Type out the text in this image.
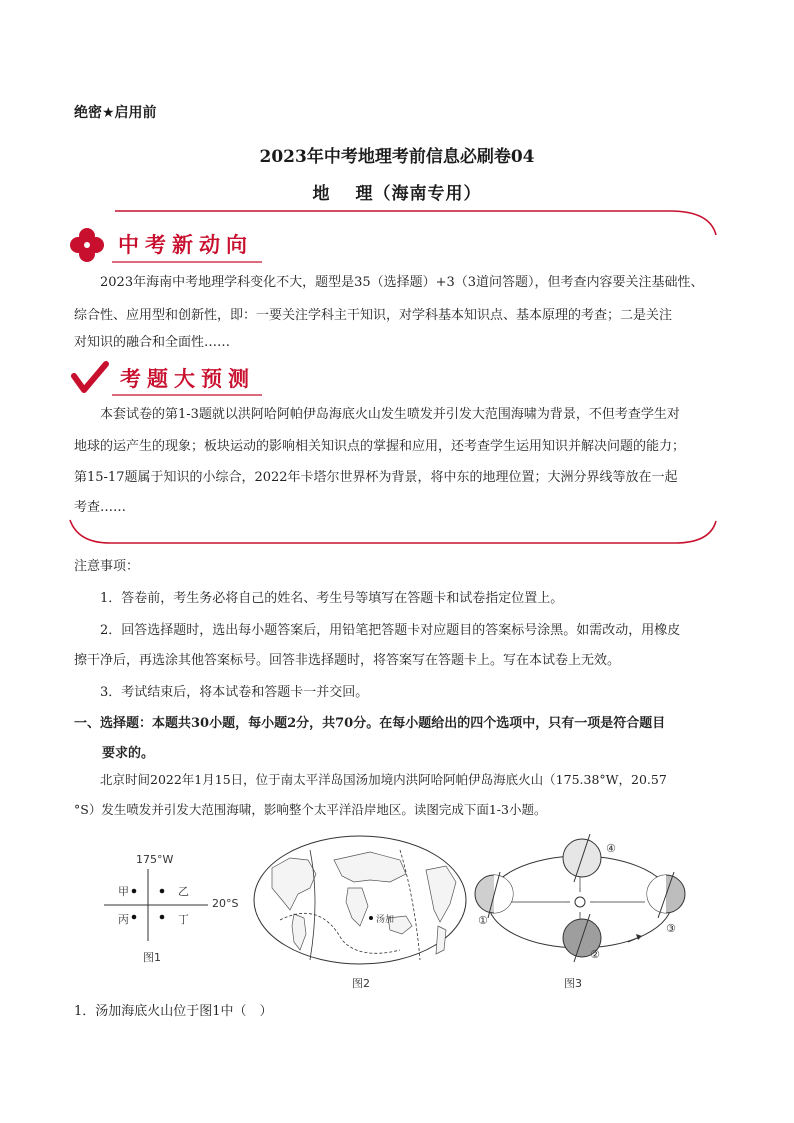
绝密★启用前
2023年中考地理考前信息必刷卷04
地　 理（海南专用）
中考新动向
2023年海南中考地理学科变化不大，题型是35（选择题）+3（3道问答题），但考查内容要关注基础性、
综合性、应用型和创新性，即：一要关注学科主干知识，对学科基本知识点、基本原理的考查；二是关注
对知识的融合和全面性……
考题大预测
本套试卷的第1-3题就以洪阿哈阿帕伊岛海底火山发生喷发并引发大范围海啸为背景，不但考查学生对
地球的运产生的现象；板块运动的影响相关知识点的掌握和应用，还考查学生运用知识并解决问题的能力；
第15-17题属于知识的小综合，2022年卡塔尔世界杯为背景，将中东的地理位置；大洲分界线等放在一起
考查……
注意事项：
1．答卷前，考生务必将自己的姓名、考生号等填写在答题卡和试卷指定位置上。
2．回答选择题时，选出每小题答案后，用铅笔把答题卡对应题目的答案标号涂黑。如需改动，用橡皮
擦干净后，再选涂其他答案标号。回答非选择题时，将答案写在答题卡上。写在本试卷上无效。
3．考试结束后，将本试卷和答题卡一并交回。
一、选择题：本题共30小题，每小题2分，共70分。在每小题给出的四个选项中，只有一项是符合题目
要求的。
北京时间2022年1月15日，位于南太平洋岛国汤加境内洪阿哈阿帕伊岛海底火山（175.38°W，20.57
°S）发生喷发并引发大范围海啸，影响整个太平洋沿岸地区。读图完成下面1-3小题。
175°W
20°S
甲	乙
丙	丁
图1
汤加
图2
①
②
③
④
图3
1．汤加海底火山位于图1中（　）
